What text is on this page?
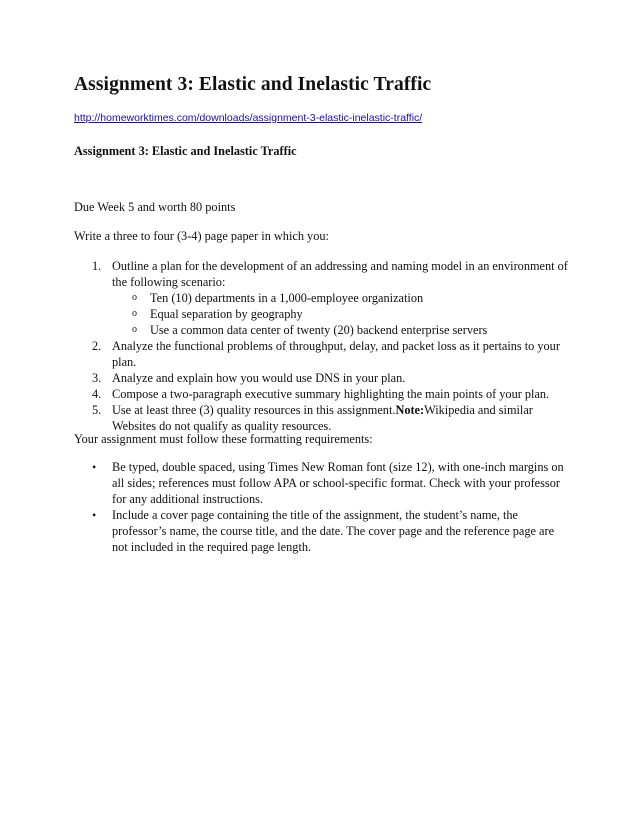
Assignment 3: Elastic and Inelastic Traffic
http://homeworktimes.com/downloads/assignment-3-elastic-inelastic-traffic/
Assignment 3: Elastic and Inelastic Traffic

Due Week 5 and worth 80 points

Write a three to four (3-4) page paper in which you:

1. Outline a plan for the development of an addressing and naming model in an environment of the following scenario:
o Ten (10) departments in a 1,000-employee organization
o Equal separation by geography
o Use a common data center of twenty (20) backend enterprise servers
2. Analyze the functional problems of throughput, delay, and packet loss as it pertains to your plan.
3. Analyze and explain how you would use DNS in your plan.
4. Compose a two-paragraph executive summary highlighting the main points of your plan.
5. Use at least three (3) quality resources in this assignment.Note:Wikipedia and similar Websites do not qualify as quality resources.

Your assignment must follow these formatting requirements:

• Be typed, double spaced, using Times New Roman font (size 12), with one-inch margins on all sides; references must follow APA or school-specific format. Check with your professor for any additional instructions.
• Include a cover page containing the title of the assignment, the student’s name, the professor’s name, the course title, and the date. The cover page and the reference page are not included in the required page length.
